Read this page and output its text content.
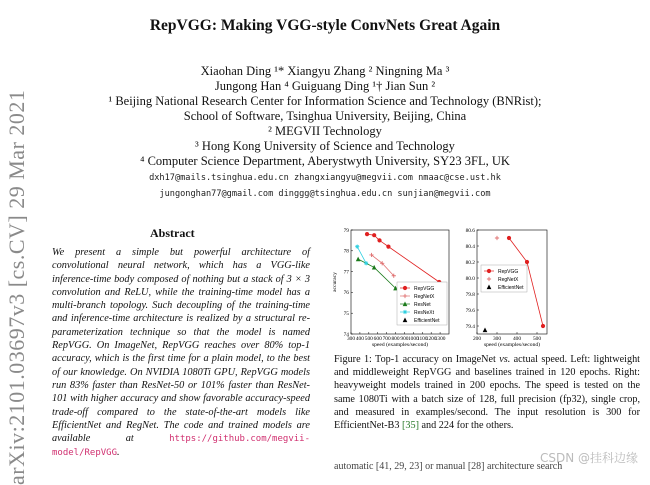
RepVGG: Making VGG-style ConvNets Great Again
Xiaohan Ding ¹* Xiangyu Zhang ² Ningning Ma ³
Jungong Han ⁴ Guiguang Ding ¹† Jian Sun ²
¹ Beijing National Research Center for Information Science and Technology (BNRist);
School of Software, Tsinghua University, Beijing, China
² MEGVII Technology
³ Hong Kong University of Science and Technology
⁴ Computer Science Department, Aberystwyth University, SY23 3FL, UK
dxh17@mails.tsinghua.edu.cn zhangxiangyu@megvii.com nmaac@cse.ust.hk
jungonghan77@gmail.com dinggg@tsinghua.edu.cn sunjian@megvii.com
arXiv:2101.03697v3 [cs.CV] 29 Mar 2021	Abstract
We present a simple but powerful architecture of convolutional neural network, which has a VGG-like inference-time body composed of nothing but a stack of 3 × 3 convolution and ReLU, while the training-time model has a multi-branch topology. Such decoupling of the training-time and inference-time architecture is realized by a structural re-parameterization technique so that the model is named RepVGG. On ImageNet, RepVGG reaches over 80% top-1 accuracy, which is the first time for a plain model, to the best of our knowledge. On NVIDIA 1080Ti GPU, RepVGG models run 83% faster than ResNet-50 or 101% faster than ResNet-101 with higher accuracy and show favorable accuracy-speed trade-off compared to the state-of-the-art models like EfficientNet and RegNet. The code and trained models are available at https://github.com/megvii-model/RepVGG.
300 400 500 600 700 800 900 1000
1100
1200
1300
74
75
76
77
78
79
speed (examples/second)
accuracy	RepVGG
RegNetX
ResNet
ResNeXt
EfficientNet
200 300 400 500
79.4
79.6
79.8
80.0
80.2
80.4
80.6
speed (examples/second)
RepVGG
RegNetX
EfficientNet
Figure 1: Top-1 accuracy on ImageNet vs. actual speed. Left: lightweight and middleweight RepVGG and baselines trained in 120 epochs. Right: heavyweight models trained in 200 epochs. The speed is tested on the same 1080Ti with a batch size of 128, full precision (fp32), single crop, and measured in examples/second. The input resolution is 300 for EfficientNet-B3 [35] and 224 for the others.
automatic [41, 29, 23] or manual [28] architecture search
CSDN @挂科边缘
